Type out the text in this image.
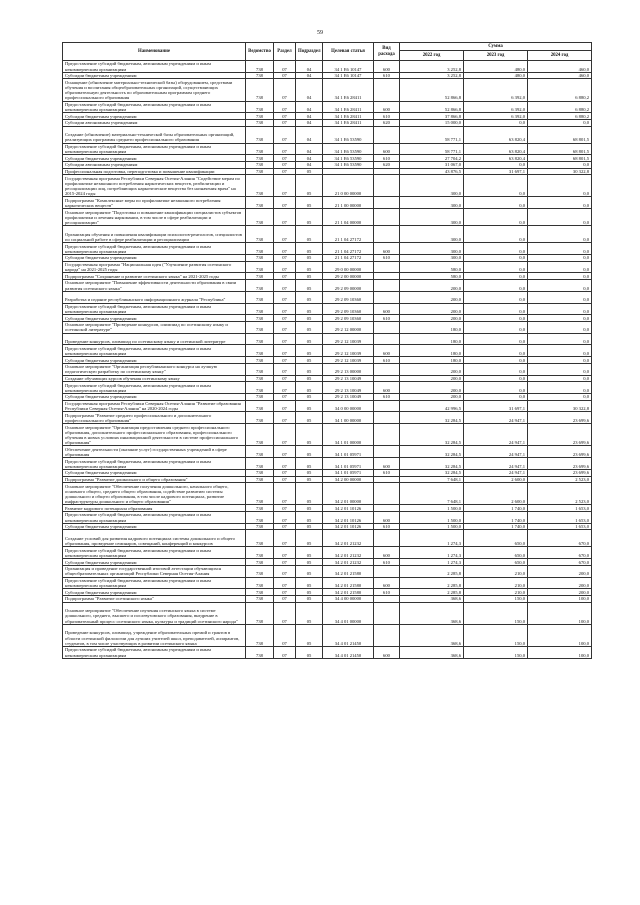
59
Наименование	Ведомство	Раздел	Подраздел	Целевая статья	Вид расхода	Сумма		
						2022 год	2023 год	2024 год
Предоставление субсидий бюджетным, автономным учреждениям и иным некоммерческим организациям	738	07	04	34 1 Е6 10147	600	3 252,8	480,0	460,0
Субсидии бюджетным учреждениям	738	07	04	34 1 Е6 10147	610	3 252,8	480,0	460,0
Оснащение (обновление материально-технической базы) оборудованием, средствами обучения и воспитания общеобразовательных организаций, осуществляющих образовательную деятельность по образовательным программам среднего профессионального образования	738	07	04	34 1 Е6 28411		52 866,8	6 392,0	6 880,2
Предоставление субсидий бюджетным, автономным учреждениям и иным некоммерческим организациям	738	07	04	34 1 Е6 28411	600	52 866,8	6 392,0	6 880,2
Субсидии бюджетным учреждениям	738	07	04	34 1 Е6 28411	610	37 866,8	6 392,0	6 880,2
Субсидии автономным учреждениям	738	07	04	34 1 Е6 28411	620	15 000,0	0,0	0,0
Создание (обновление) материально-технической базы образовательных организаций, реализующих программы среднего профессионального образования	738	07	04	34 1 Е6 53590		58 771,1	63 820,4	68 801,5
Предоставление субсидий бюджетным, автономным учреждениям и иным некоммерческим организациям	738	07	04	34 1 Е6 53590	600	58 771,1	63 820,4	68 801,5
Субсидии бюджетным учреждениям	738	07	04	34 1 Е6 53590	610	27 704,2	63 820,4	68 801,5
Субсидии автономным учреждениям	738	07	04	34 1 Е6 53590	620	31 067,0	0,0	0,0
Профессиональная подготовка, переподготовка и повышение квалификации	738	07	05			43 876,5	31 697,1	30 322,8
Государственная программа Республики Северная Осетия-Алания "Содействие мерам по профилактике незаконного потребления наркотических веществ, реабилитации и ресоциализации лиц, потребляющих наркотические вещества без назначения врача" на 2015-2024 годы	738	07	05	21 0 00 00000		300,0	0,0	0,0
Подпрограмма "Комплексные меры по профилактике незаконного потребления наркотических веществ"	738	07	05	21 1 00 00000		300,0	0,0	0,0
Основное мероприятие "Подготовка и повышение квалификации специалистов субъектов профилактики и лечения наркомании, в том числе в сфере реабилитации и ресоциализации"	738	07	05	21 1 04 00000		300,0	0,0	0,0
Организация обучения и повышения квалификации психологов-рентологов, специалистов по социальной работе в сфере реабилитации и ресоциализации	738	07	05	21 1 04 27172		300,0	0,0	0,0
Предоставление субсидий бюджетным, автономным учреждениям и иным некоммерческим организациям	738	07	05	21 1 04 27172	600	300,0	0,0	0,0
Субсидии бюджетным учреждениям	738	07	05	21 1 04 27172	610	300,0	0,0	0,0
Государственная программа "Национальная идея ("Улучшение развития осетинского народа" на 2021-2025 годы	738	07	05	29 0 00 00000		580,0	0,0	0,0
Подпрограмма "Сохранение и развитие осетинского языка" на 2021-2025 годы	738	07	05	29 2 00 00000		580,0	0,0	0,0
Основное мероприятие "Повышение эффективности деятельности образования в связи развития осетинского языка"	738	07	05	29 2 09 00000		200,0	0,0	0,0
Разработка и издание республиканского информационного журнала "Республика"	738	07	05	29 2 09 10360		200,0	0,0	0,0
Предоставление субсидий бюджетным, автономным учреждениям и иным некоммерческим организациям	738	07	05	29 2 09 10360	600	200,0	0,0	0,0
Субсидии бюджетным учреждениям	738	07	05	29 2 09 10360	610	200,0	0,0	0,0
Основное мероприятие "Проведение конкурсов, олимпиад по осетинскому языку и осетинской литературе"	738	07	05	29 2 12 00000		180,0	0,0	0,0
Проведение конкурсов, олимпиад по осетинскому языку и осетинской литературе	738	07	05	29 2 12 10039		180,0	0,0	0,0
Предоставление субсидий бюджетным, автономным учреждениям и иным некоммерческим организациям	738	07	05	29 2 12 10039	600	180,0	0,0	0,0
Субсидии бюджетным учреждениям	738	07	05	29 2 12 10039	610	180,0	0,0	0,0
Основное мероприятие "Организация республиканского конкурса на лучшую педагогическую разработку по осетинскому языку"	738	07	05	29 2 13 00000		200,0	0,0	0,0
Создание обучающих курсов обучения осетинскому языку	738	07	05	29 2 13 10049		200,0	0,0	0,0
Предоставление субсидий бюджетным, автономным учреждениям и иным некоммерческим организациям	738	07	05	29 2 13 10049	600	200,0	0,0	0,0
Субсидии бюджетным учреждениям	738	07	05	29 2 13 10049	610	200,0	0,0	0,0
Государственная программа Республики Северная Осетия-Алания "Развитие образования Республики Северная Осетия-Алания" на 2020-2024 годы	738	07	05	34 0 00 00000		42 996,5	31 697,1	30 322,8
Подпрограмма "Развитие среднего профессионального и дополнительного профессионального образования"	738	07	05	34 1 00 00000		32 284,5	24 947,1	23 699,6
Основное мероприятие "Организация предоставления среднего профессионального образования, дополнительного профессионального образования, профессионального обучения в новых условиях инновационной деятельности в системе профессионального образования"	738	07	05	34 1 01 00000		32 284,5	24 947,1	23 699,6
Обеспечение деятельности (оказание услуг) государственных учреждений в сфере образования	738	07	05	34 1 01 05971		32 284,5	24 947,1	23 699,6
Предоставление субсидий бюджетным, автономным учреждениям и иным некоммерческим организациям	738	07	05	34 1 01 05971	600	32 284,5	24 947,1	23 699,6
Субсидии бюджетным учреждениям	738	07	05	34 1 01 05971	610	32 284,5	24 947,1	23 699,6
Подпрограмма "Развитие дошкольного и общего образования"	738	07	05	34 2 00 00000		7 648,1	2 600,0	2 523,0
Основное мероприятие "Обеспечение получения дошкольного, начального общего, основного общего, среднего общего образования, содействие развитию системы дошкольного и общего образования, в том числе кадрового потенциала, развитие инфраструктуры дошкольного и общего образования"	738	07	05	34 2 01 00000		7 648,1	2 600,0	2 523,0
Развитие кадрового потенциала образования	738	07	05	34 2 01 10126		1 500,0	1 740,0	1 653,0
Предоставление субсидий бюджетным, автономным учреждениям и иным некоммерческим организациям	738	07	05	34 2 01 10126	600	1 500,0	1 740,0	1 653,0
Субсидии бюджетным учреждениям	738	07	05	34 2 01 10126	610	1 500,0	1 740,0	1 653,0
Создание условий для развития кадрового потенциала системы дошкольного и общего образования, проведение семинаров, совещаний, конференций и конкурсов	738	07	05	34 2 01 21232		1 274,3	650,0	670,0
Предоставление субсидий бюджетным, автономным учреждениям и иным некоммерческим организациям	738	07	05	34 2 01 21232	600	1 274,3	650,0	670,0
Субсидии бюджетным учреждениям	738	07	05	34 2 01 21232	610	1 274,3	650,0	670,0
Организация и проведение государственной итоговой аттестации обучающихся общеобразовательных организаций Республики Северная Осетия-Алания	738	07	05	34 2 01 21580		2 285,8	210,0	200,0
Предоставление субсидий бюджетным, автономным учреждениям и иным некоммерческим организациям	738	07	05	34 2 01 21580	600	2 285,8	210,0	200,0
Субсидии бюджетным учреждениям	738	07	05	34 2 01 21580	610	2 285,8	210,0	200,0
Подпрограмма "Развитие осетинского языка"	738	07	05	34 4 00 00000		368,6	150,0	100,0
Основное мероприятие "Обеспечение изучения осетинского языка в системе дошкольного, среднего, высшего и послевузовского образования, внедрение в образовательный процесс осетинского языка, культуры и традиций осетинского народа"	738	07	05	34 4 01 00000		368,6	150,0	100,0
Проведение конкурсов, олимпиад, учреждение образовательных премий и грантов в области осетинской филологии для лучших учителей школ, преподавателей, аспирантов, студентов, в том числе участвующих в развитии осетинского языка	738	07	05	34 4 01 21450		368,6	150,0	100,0
Предоставление субсидий бюджетным, автономным учреждениям и иным некоммерческим организациям	738	07	05	34 4 01 21450	600	368,6	150,0	100,0
